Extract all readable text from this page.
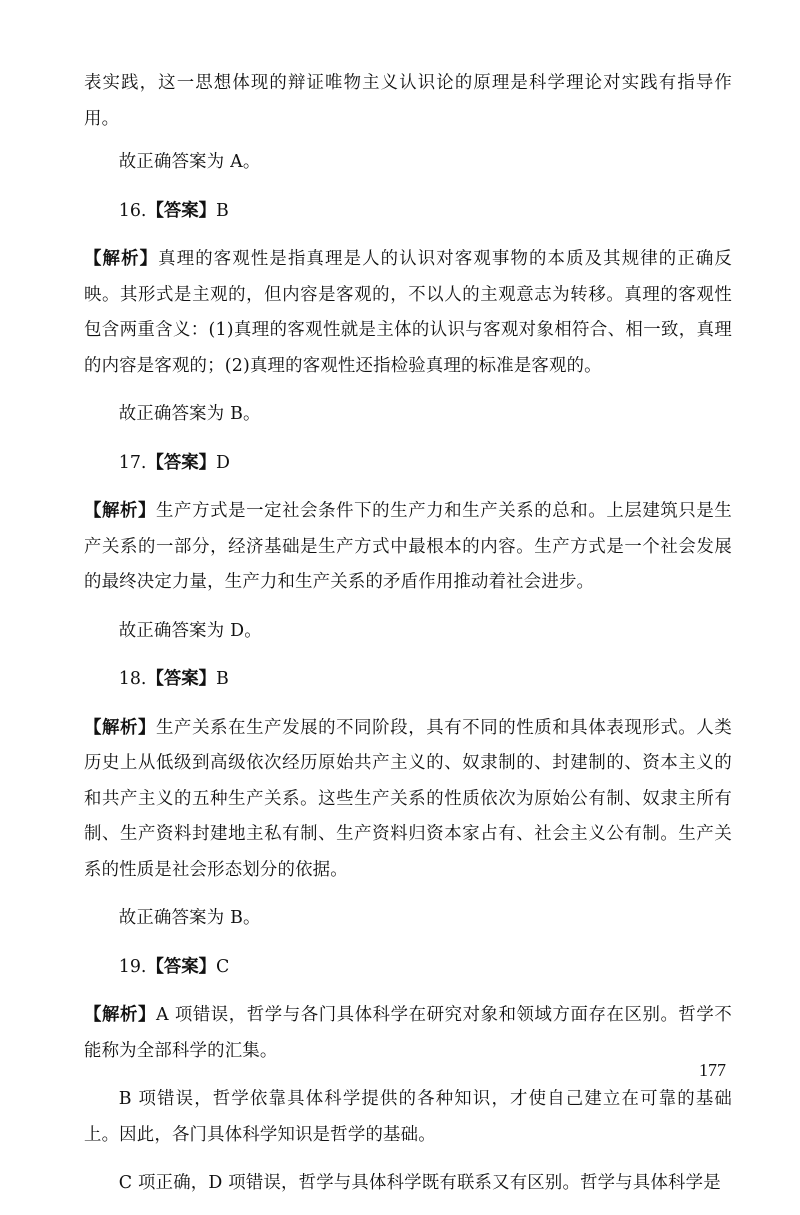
表实践，这一思想体现的辩证唯物主义认识论的原理是科学理论对实践有指导作用。

故正确答案为 A。

16.【答案】B

【解析】真理的客观性是指真理是人的认识对客观事物的本质及其规律的正确反映。其形式是主观的，但内容是客观的，不以人的主观意志为转移。真理的客观性包含两重含义：(1)真理的客观性就是主体的认识与客观对象相符合、相一致，真理的内容是客观的；(2)真理的客观性还指检验真理的标准是客观的。

故正确答案为 B。

17.【答案】D

【解析】生产方式是一定社会条件下的生产力和生产关系的总和。上层建筑只是生产关系的一部分，经济基础是生产方式中最根本的内容。生产方式是一个社会发展的最终决定力量，生产力和生产关系的矛盾作用推动着社会进步。

故正确答案为 D。

18.【答案】B

【解析】生产关系在生产发展的不同阶段，具有不同的性质和具体表现形式。人类历史上从低级到高级依次经历原始共产主义的、奴隶制的、封建制的、资本主义的和共产主义的五种生产关系。这些生产关系的性质依次为原始公有制、奴隶主所有制、生产资料封建地主私有制、生产资料归资本家占有、社会主义公有制。生产关系的性质是社会形态划分的依据。

故正确答案为 B。

19.【答案】C

【解析】A 项错误，哲学与各门具体科学在研究对象和领域方面存在区别。哲学不能称为全部科学的汇集。

B 项错误，哲学依靠具体科学提供的各种知识，才使自己建立在可靠的基础上。因此，各门具体科学知识是哲学的基础。

C 项正确，D 项错误，哲学与具体科学既有联系又有区别。哲学与具体科学是

177
